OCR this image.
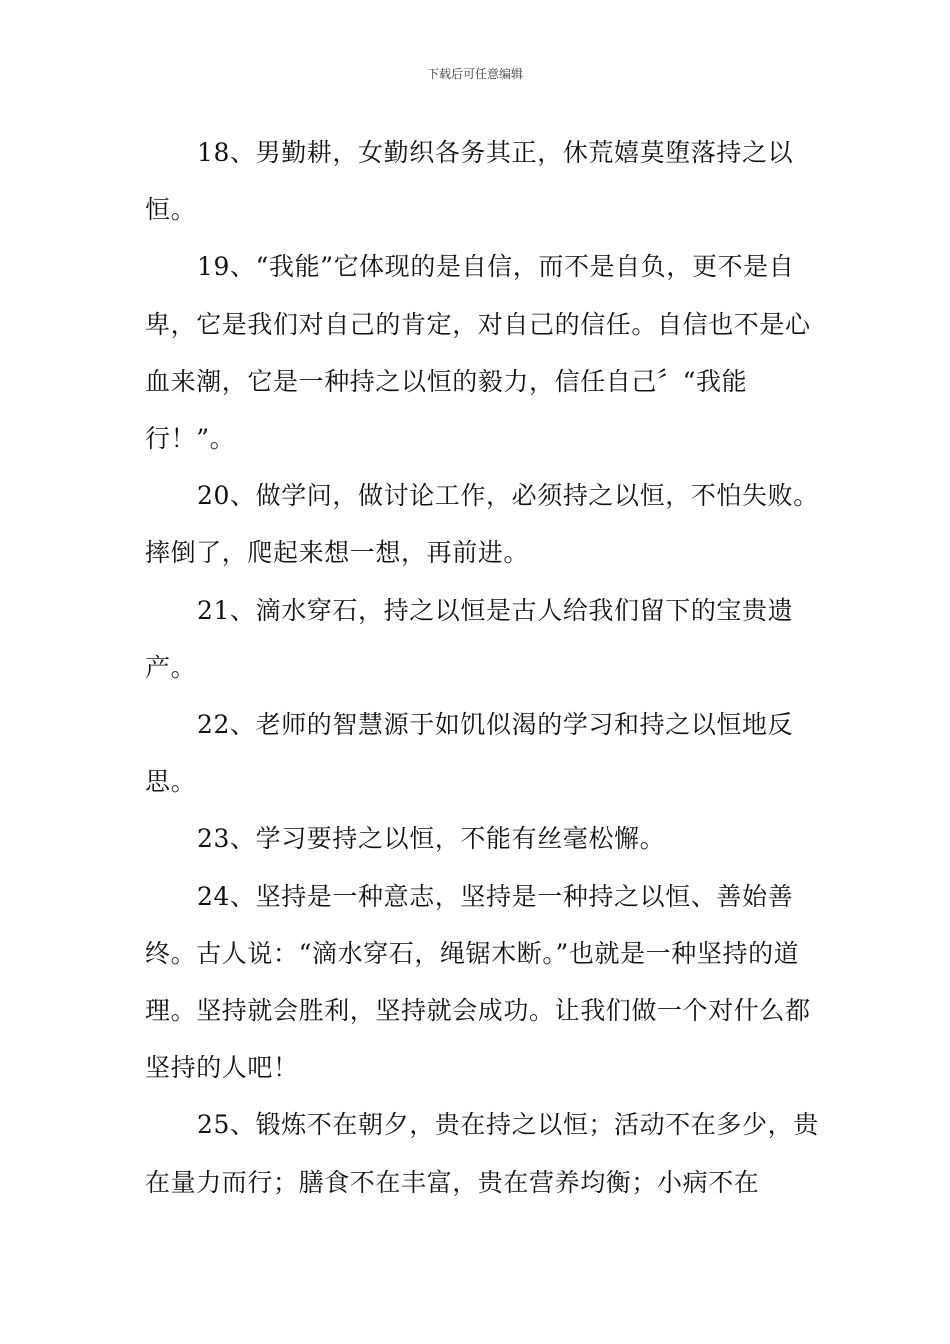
下载后可任意编辑

18、男勤耕，女勤织各务其正，休荒嬉莫堕落持之以恒。

19、“我能”它体现的是自信，而不是自负，更不是自卑，它是我们对自己的肯定，对自己的信任。自信也不是心血来潮，它是一种持之以恒的毅力，信任自己〞“我能行！”。

20、做学问，做讨论工作，必须持之以恒，不怕失败。摔倒了，爬起来想一想，再前进。

21、滴水穿石，持之以恒是古人给我们留下的宝贵遗产。

22、老师的智慧源于如饥似渴的学习和持之以恒地反思。

23、学习要持之以恒，不能有丝毫松懈。

24、坚持是一种意志，坚持是一种持之以恒、善始善终。古人说：“滴水穿石，绳锯木断。”也就是一种坚持的道理。坚持就会胜利，坚持就会成功。让我们做一个对什么都坚持的人吧！

25、锻炼不在朝夕，贵在持之以恒；活动不在多少，贵在量力而行；膳食不在丰富，贵在营养均衡；小病不在
